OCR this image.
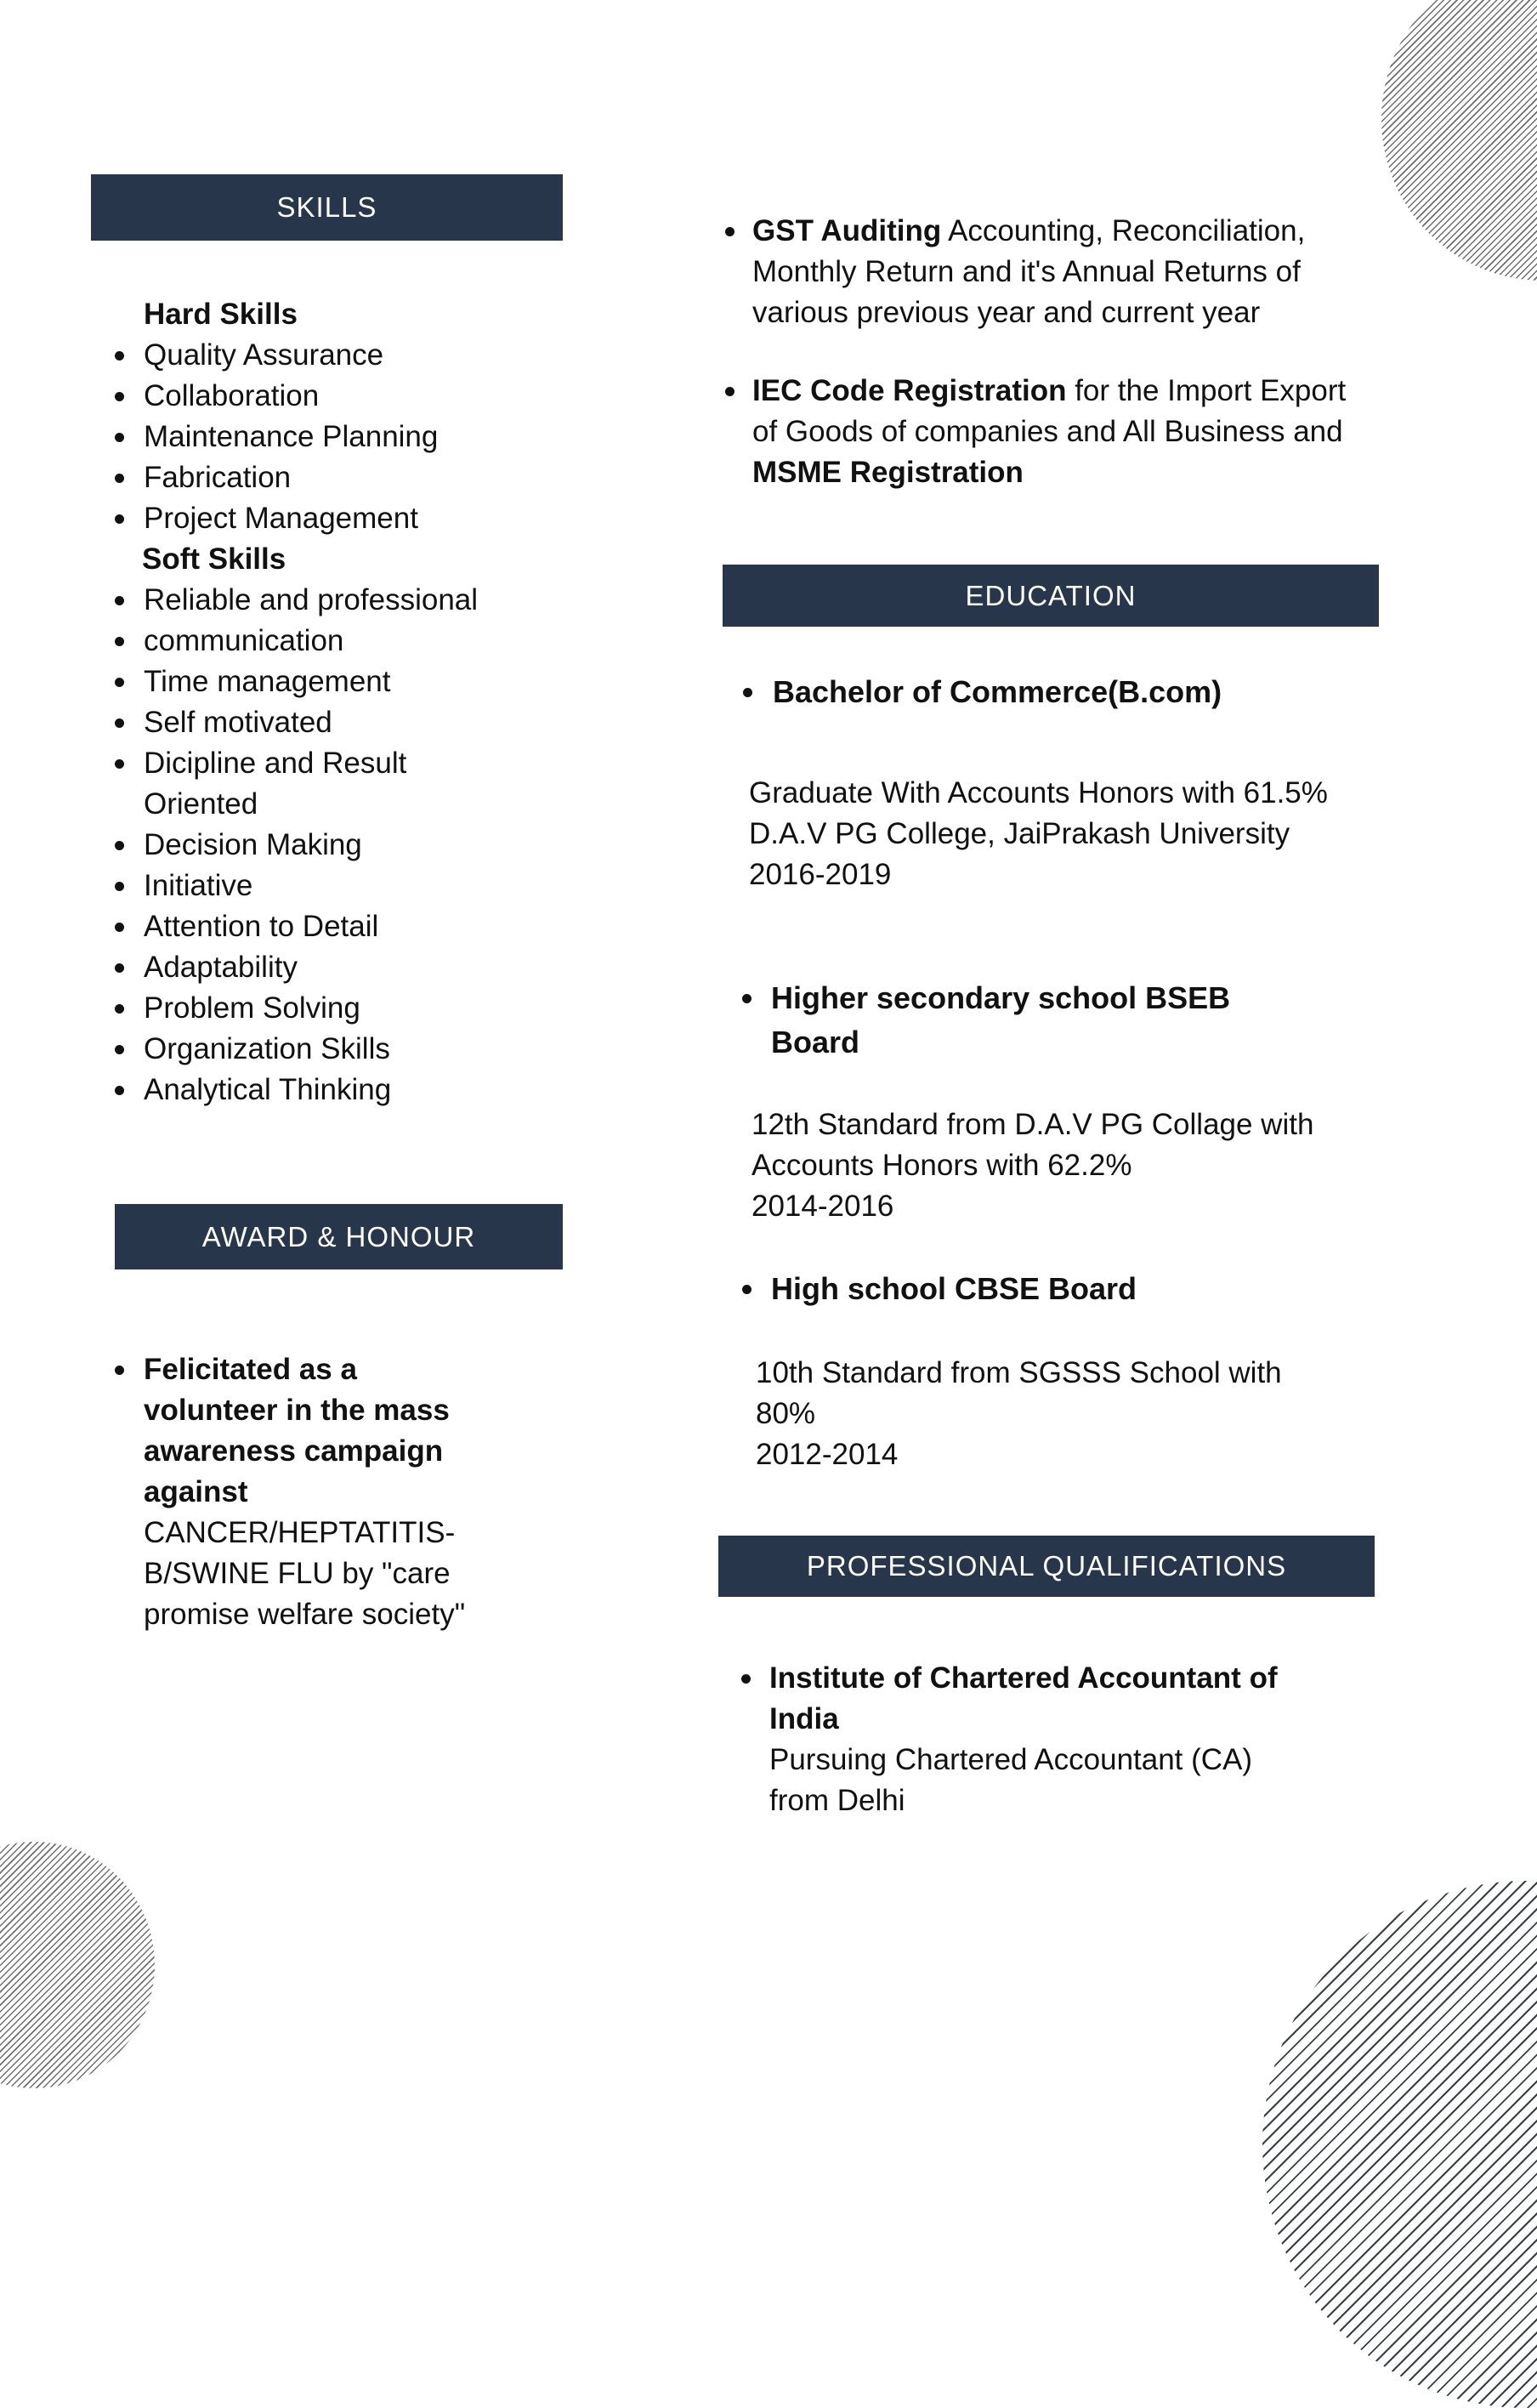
SKILLS
Hard Skills
Quality Assurance
Collaboration
Maintenance Planning
Fabrication
Project Management
Soft Skills
Reliable and professional
communication
Time management
Self motivated
Dicipline and Result
Oriented
Decision Making
Initiative
Attention to Detail
Adaptability
Problem Solving
Organization Skills
Analytical Thinking
AWARD & HONOUR
Felicitated as a
volunteer in the mass
awareness campaign
against
CANCER/HEPTATITIS-
B/SWINE FLU by "care
promise welfare society"
GST Auditing Accounting, Reconciliation,
Monthly Return and it's Annual Returns of
various previous year and current year
IEC Code Registration for the Import Export
of Goods of companies and All Business and
MSME Registration
EDUCATION
Bachelor of Commerce(B.com)
Graduate With Accounts Honors with 61.5%
D.A.V PG College, JaiPrakash University
2016-2019
Higher secondary school BSEB
Board
12th Standard from D.A.V PG Collage with
Accounts Honors with 62.2%
2014-2016
High school CBSE Board
10th Standard from SGSSS School with
80%
2012-2014
PROFESSIONAL QUALIFICATIONS
Institute of Chartered Accountant of
India
Pursuing Chartered Accountant (CA)
from Delhi
